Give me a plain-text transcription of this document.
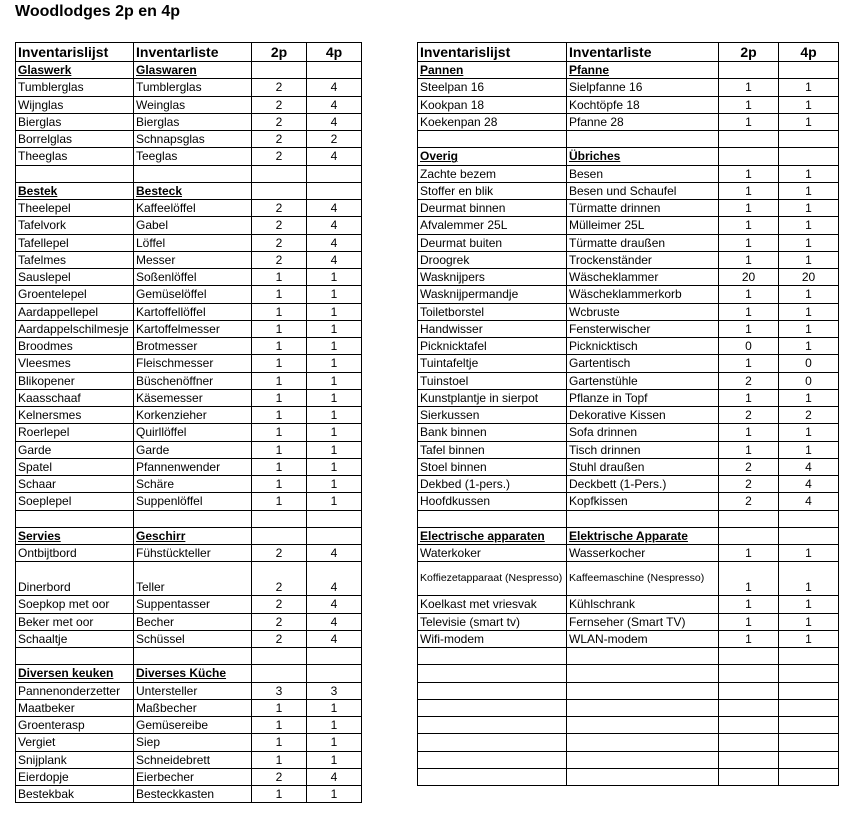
Woodlodges 2p en 4p
Inventarislijst	Inventarliste	2p	4p
Glaswerk	Glaswaren		
Tumblerglas	Tumblerglas	2	4
Wijnglas	Weinglas	2	4
Bierglas	Bierglas	2	4
Borrelglas	Schnapsglas	2	2
Theeglas	Teeglas	2	4

Bestek	Besteck		
Theelepel	Kaffeelöffel	2	4
Tafelvork	Gabel	2	4
Tafellepel	Löffel	2	4
Tafelmes	Messer	2	4
Sauslepel	Soßenlöffel	1	1
Groentelepel	Gemüselöffel	1	1
Aardappellepel	Kartoffellöffel	1	1
Aardappelschilmesje	Kartoffelmesser	1	1
Broodmes	Brotmesser	1	1
Vleesmes	Fleischmesser	1	1
Blikopener	Büschenöffner	1	1
Kaasschaaf	Käsemesser	1	1
Kelnersmes	Korkenzieher	1	1
Roerlepel	Quirllöffel	1	1
Garde	Garde	1	1
Spatel	Pfannenwender	1	1
Schaar	Schäre	1	1
Soeplepel	Suppenlöffel	1	1

Servies	Geschirr		
Ontbijtbord	Fühstückteller	2	4
Dinerbord	Teller	2	4
Soepkop met oor	Suppentasser	2	4
Beker met oor	Becher	2	4
Schaaltje	Schüssel	2	4

Diversen keuken	Diverses Küche		
Pannenonderzetter	Untersteller	3	3
Maatbeker	Maßbecher	1	1
Groenterasp	Gemüsereibe	1	1
Vergiet	Siep	1	1
Snijplank	Schneidebrett	1	1
Eierdopje	Eierbecher	2	4
Bestekbak	Besteckkasten	1	1
Inventarislijst	Inventarliste	2p	4p
Pannen	Pfanne		
Steelpan 16	Sielpfanne 16	1	1
Kookpan 18	Kochtöpfe 18	1	1
Koekenpan 28	Pfanne 28	1	1

Overig	Übriches		
Zachte bezem	Besen	1	1
Stoffer en blik	Besen und Schaufel	1	1
Deurmat binnen	Türmatte drinnen	1	1
Afvalemmer 25L	Mülleimer 25L	1	1
Deurmat buiten	Türmatte draußen	1	1
Droogrek	Trockenständer	1	1
Wasknijpers	Wäscheklammer	20	20
Wasknijpermandje	Wäscheklammerkorb	1	1
Toiletborstel	Wcbruste	1	1
Handwisser	Fensterwischer	1	1
Picknicktafel	Picknicktisch	0	1
Tuintafeltje	Gartentisch	1	0
Tuinstoel	Gartenstühle	2	0
Kunstplantje in sierpot	Pflanze in Topf	1	1
Sierkussen	Dekorative Kissen	2	2
Bank binnen	Sofa drinnen	1	1
Tafel binnen	Tisch drinnen	1	1
Stoel binnen	Stuhl draußen	2	4
Dekbed (1-pers.)	Deckbett (1-Pers.)	2	4
Hoofdkussen	Kopfkissen	2	4

Electrische apparaten	Elektrische Apparate		
Waterkoker	Wasserkocher	1	1
Koffiezetapparaat (Nespresso)	Kaffeemaschine (Nespresso)	1	1
Koelkast met vriesvak	Kühlschrank	1	1
Televisie (smart tv)	Fernseher (Smart TV)	1	1
Wifi-modem	WLAN-modem	1	1
